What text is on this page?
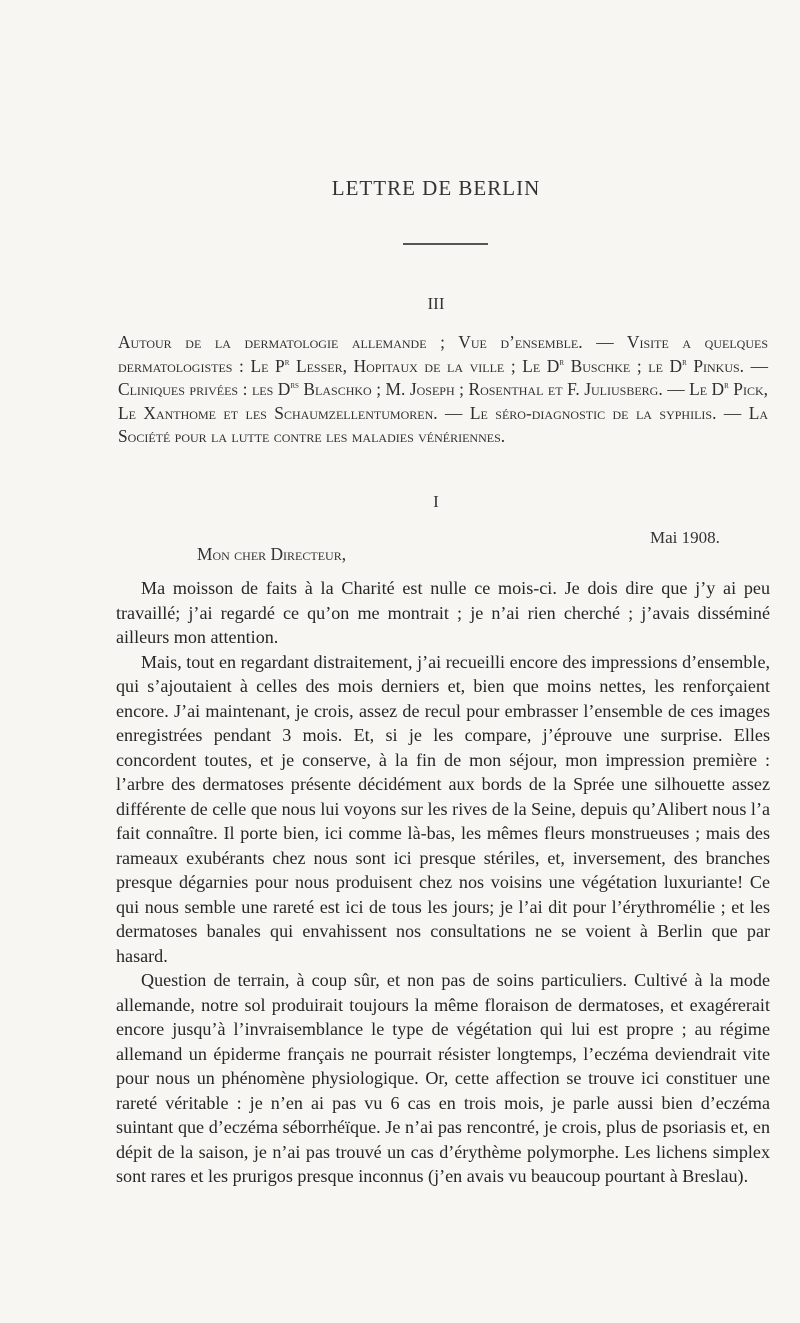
LETTRE DE BERLIN
III
Autour de la dermatologie allemande ; Vue d’ensemble. — Visite a quelques dermatologistes : Le $P^r$ Lesser, Hopitaux de la ville ; Le $D^r$ Buschke ; le $D^r$ Pinkus. — Cliniques privées : les $D^{rs}$ Blaschko ; M. Joseph ; Rosenthal et F. Juliusberg. — Le $D^r$ Pick, Le Xanthome et les Schaumzellentumoren. — Le séro-diagnostic de la syphilis. — La Société pour la lutte contre les maladies vénériennes.
I
Mai 1908.
Mon cher Directeur,

Ma moisson de faits à la Charité est nulle ce mois-ci. Je dois dire que j’y ai peu travaillé; j’ai regardé ce qu’on me montrait ; je n’ai rien cherché ; j’avais disséminé ailleurs mon attention.

Mais, tout en regardant distraitement, j’ai recueilli encore des impressions d’ensemble, qui s’ajoutaient à celles des mois derniers et, bien que moins nettes, les renforçaient encore. J’ai maintenant, je crois, assez de recul pour embrasser l’ensemble de ces images enregistrées pendant 3 mois. Et, si je les compare, j’éprouve une surprise. Elles concordent toutes, et je conserve, à la fin de mon séjour, mon impression première : l’arbre des dermatoses présente décidément aux bords de la Sprée une silhouette assez différente de celle que nous lui voyons sur les rives de la Seine, depuis qu’Alibert nous l’a fait connaître. Il porte bien, ici comme là-bas, les mêmes fleurs monstrueuses ; mais des rameaux exubérants chez nous sont ici presque stériles, et, inversement, des branches presque dégarnies pour nous produisent chez nos voisins une végétation luxuriante! Ce qui nous semble une rareté est ici de tous les jours; je l’ai dit pour l’érythromélie ; et les dermatoses banales qui envahissent nos consultations ne se voient à Berlin que par hasard.

Question de terrain, à coup sûr, et non pas de soins particuliers. Cultivé à la mode allemande, notre sol produirait toujours la même floraison de dermatoses, et exagérerait encore jusqu’à l’invraisemblance le type de végétation qui lui est propre ; au régime allemand un épiderme français ne pourrait résister longtemps, l’eczéma deviendrait vite pour nous un phénomène physiologique. Or, cette affection se trouve ici constituer une rareté véritable : je n’en ai pas vu 6 cas en trois mois, je parle aussi bien d’eczéma suintant que d’eczéma séborrhéïque. Je n’ai pas rencontré, je crois, plus de psoriasis et, en dépit de la saison, je n’ai pas trouvé un cas d’érythème polymorphe. Les lichens simplex sont rares et les prurigos presque inconnus (j’en avais vu beaucoup pourtant à Breslau).
